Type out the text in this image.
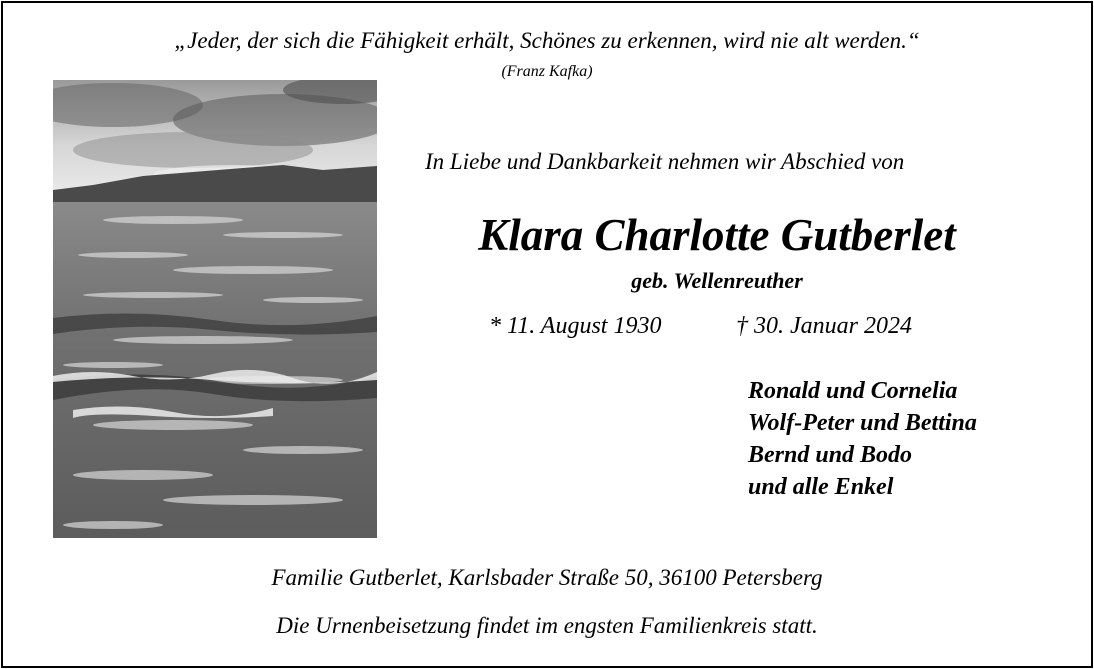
„Jeder, der sich die Fähigkeit erhält, Schönes zu erkennen, wird nie alt werden.“
(Franz Kafka)
In Liebe und Dankbarkeit nehmen wir Abschied von
Klara Charlotte Gutberlet
geb. Wellenreuther
* 11. August 1930	† 30. Januar 2024
Ronald und Cornelia
Wolf-Peter und Bettina
Bernd und Bodo
und alle Enkel
Familie Gutberlet, Karlsbader Straße 50, 36100 Petersberg
Die Urnenbeisetzung findet im engsten Familienkreis statt.
